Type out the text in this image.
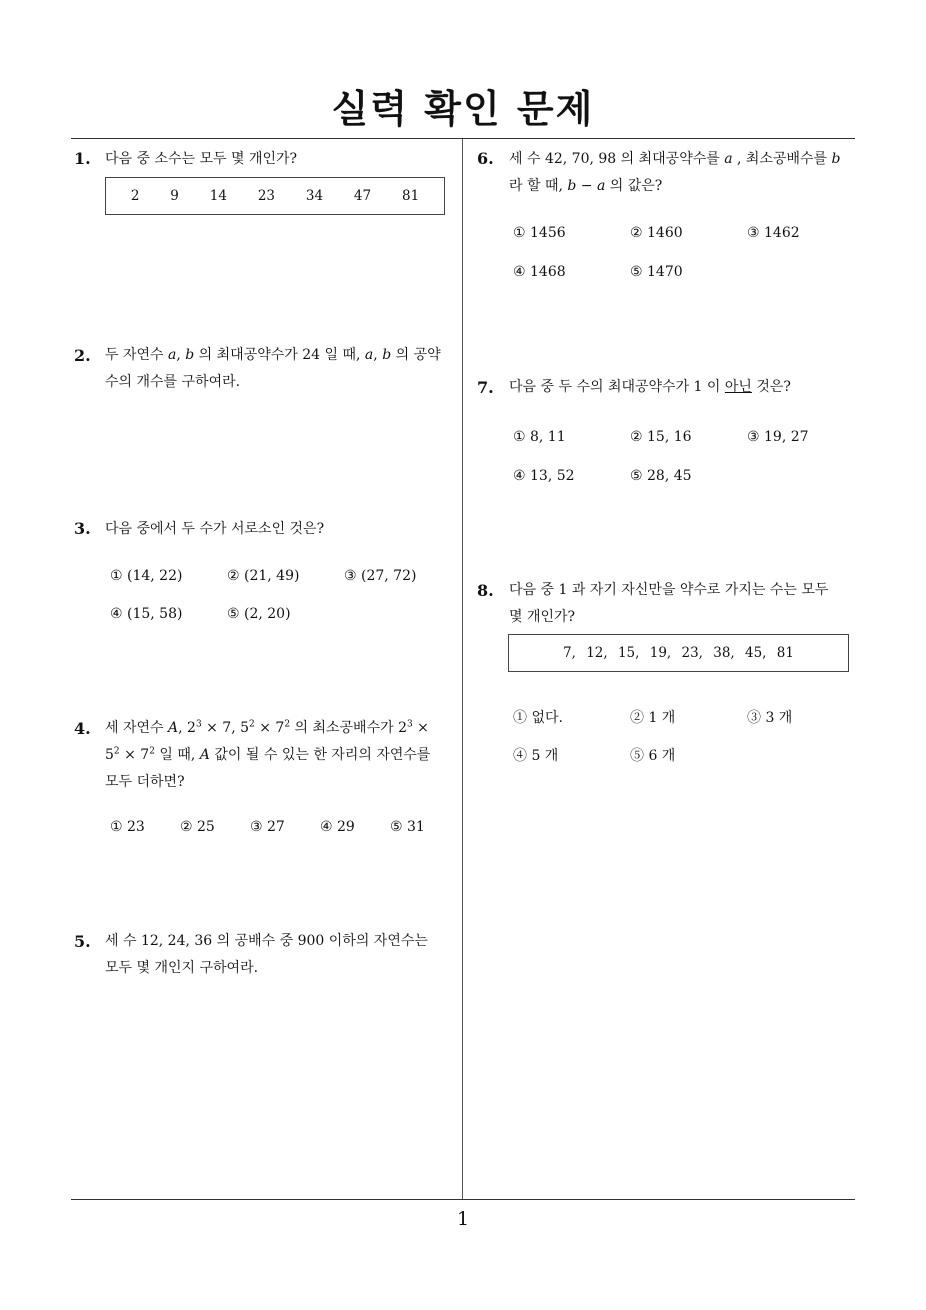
실력 확인 문제
1
1. 다음 중 소수는 모두 몇 개인가?
2   9   14   23   34   47   81
2. 두 자연수 a, b 의 최대공약수가 24 일 때, a, b 의 공약
수의 개수를 구하여라.
3. 다음 중에서 두 수가 서로소인 것은?
① (14, 22)	② (21, 49)	③ (27, 72)
④ (15, 58)	⑤ (2, 20)
4. 세 자연수 A, $2^3 \times 7$, $5^2 \times 7^2$ 의 최소공배수가 $2^3$ ×
$5^2 \times 7^2$ 일 때, A 값이 될 수 있는 한 자리의 자연수를
모두 더하면?
① 23	② 25	③ 27	④ 29	⑤ 31
5. 세 수 12, 24, 36 의 공배수 중 900 이하의 자연수는
모두 몇 개인지 구하여라.
6. 세 수 42, 70, 98 의 최대공약수를 a , 최소공배수를 b
라 할 때, b − a 의 값은?
① 1456	② 1460	③ 1462
④ 1468	⑤ 1470
7. 다음 중 두 수의 최대공약수가 1 이 아닌 것은?
① 8, 11	② 15, 16	③ 19, 27
④ 13, 52	⑤ 28, 45
8. 다음 중 1 과 자기 자신만을 약수로 가지는 수는 모두
몇 개인가?
7, 12, 15, 19, 23, 38, 45, 81
① 없다.	② 1 개	③ 3 개
④ 5 개	⑤ 6 개
